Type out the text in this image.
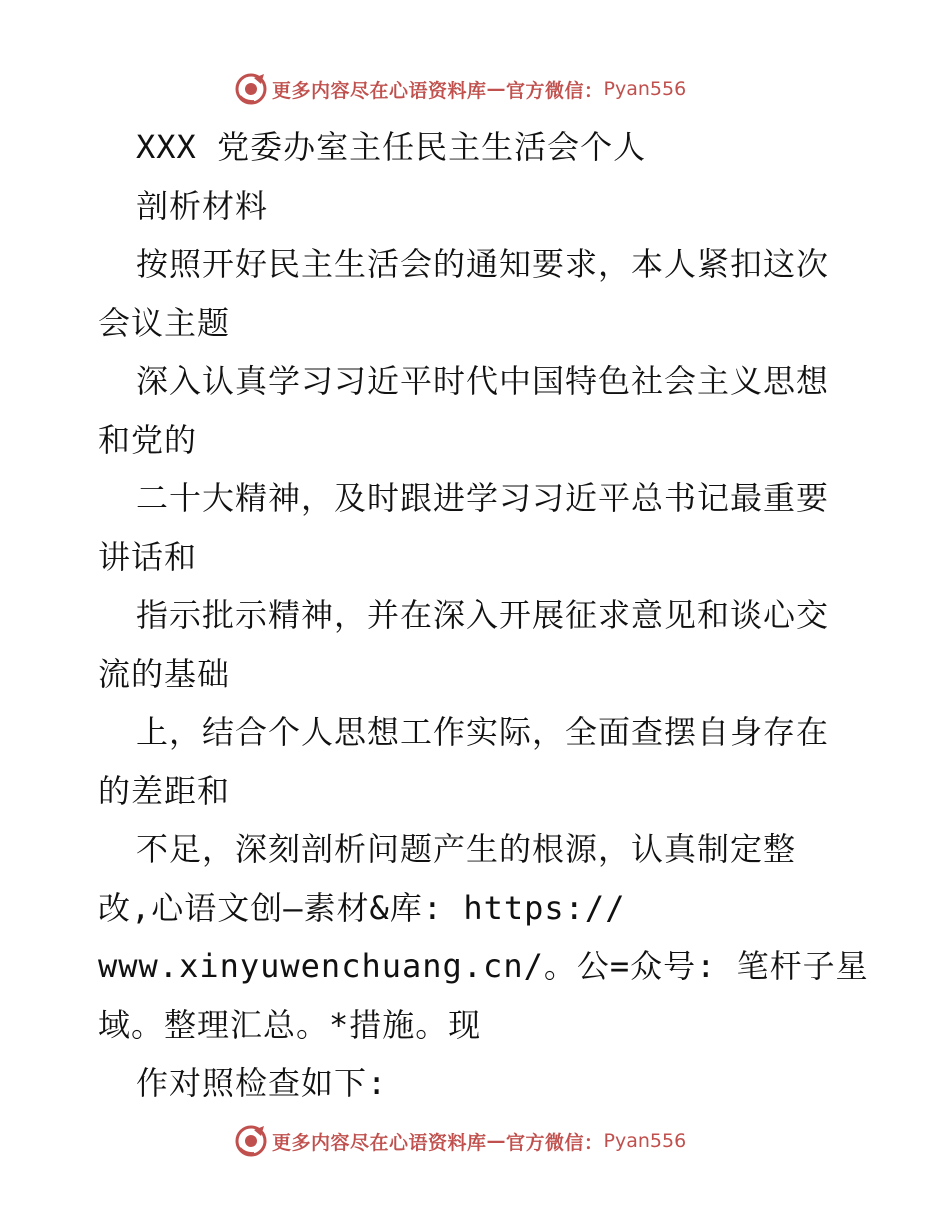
更多内容尽在心语资料库 — 官方微信： Pyan556
XXX 党委办室主任民主生活会个人
剖析材料
按照开好民主生活会的通知要求，本人紧扣这次
会议主题
深入认真学习习近平时代中国特色社会主义思想
和党的
二十大精神，及时跟进学习习近平总书记最重要
讲话和
指示批示精神，并在深入开展征求意见和谈心交
流的基础
上，结合个人思想工作实际，全面查摆自身存在
的差距和
不足，深刻剖析问题产生的根源，认真制定整
改,心语文创—素材&库: https://
www.xinyuwenchuang.cn/。公=众号: 笔杆子星
域。整理汇总。*措施。现
作对照检查如下:
更多内容尽在心语资料库 — 官方微信： Pyan556
